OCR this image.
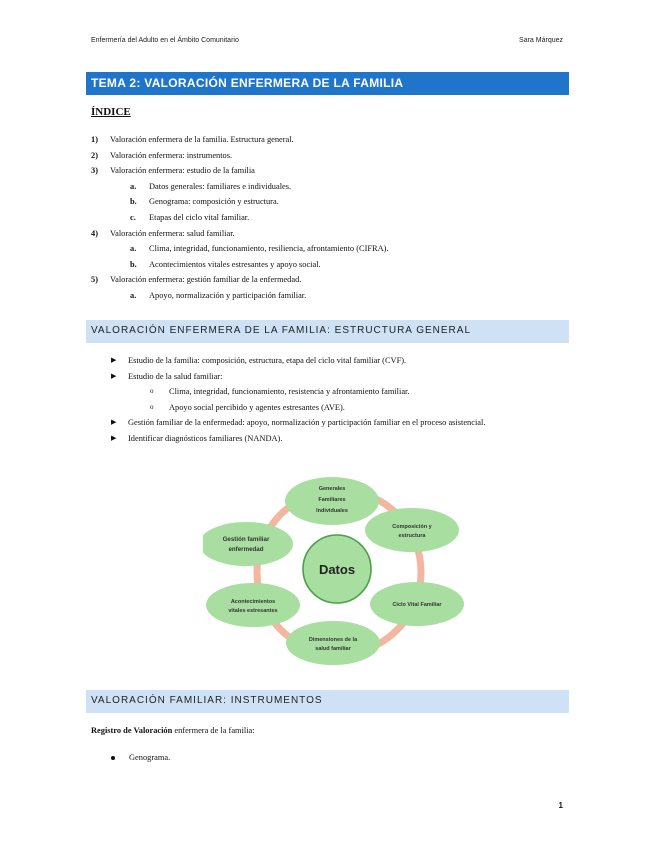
Enfermería del Adulto en el Ámbito Comunitario	Sara Márquez
TEMA 2: VALORACIÓN ENFERMERA DE LA FAMILIA
ÍNDICE
1) Valoración enfermera de la familia. Estructura general.
2) Valoración enfermera: instrumentos.
3) Valoración enfermera: estudio de la familia
a. Datos generales: familiares e individuales.
b. Genograma: composición y estructura.
c. Etapas del ciclo vital familiar.
4) Valoración enfermera: salud familiar.
a. Clima, integridad, funcionamiento, resiliencia, afrontamiento (CIFRA).
b. Acontecimientos vitales estresantes y apoyo social.
5) Valoración enfermera: gestión familiar de la enfermedad.
a. Apoyo, normalización y participación familiar.
VALORACIÓN ENFERMERA DE LA FAMILIA: ESTRUCTURA GENERAL
▶ Estudio de la familia: composición, estructura, etapa del ciclo vital familiar (CVF).
▶ Estudio de la salud familiar:
o Clima, integridad, funcionamiento, resistencia y afrontamiento familiar.
o Apoyo social percibido y agentes estresantes (AVE).
▶ Gestión familiar de la enfermedad: apoyo, normalización y participación familiar en el proceso asistencial.
▶ Identificar diagnósticos familiares (NANDA).
Generales
Familiares
Individuales
Composición y
estructura
Ciclo Vital Familiar
Dimensiones de la
salud familiar
Acontecimientos
vitales estresantes
Gestión familiar
enfermedad
Datos
VALORACIÓN FAMILIAR: INSTRUMENTOS
Registro de Valoración enfermera de la familia:
Genograma.
1
